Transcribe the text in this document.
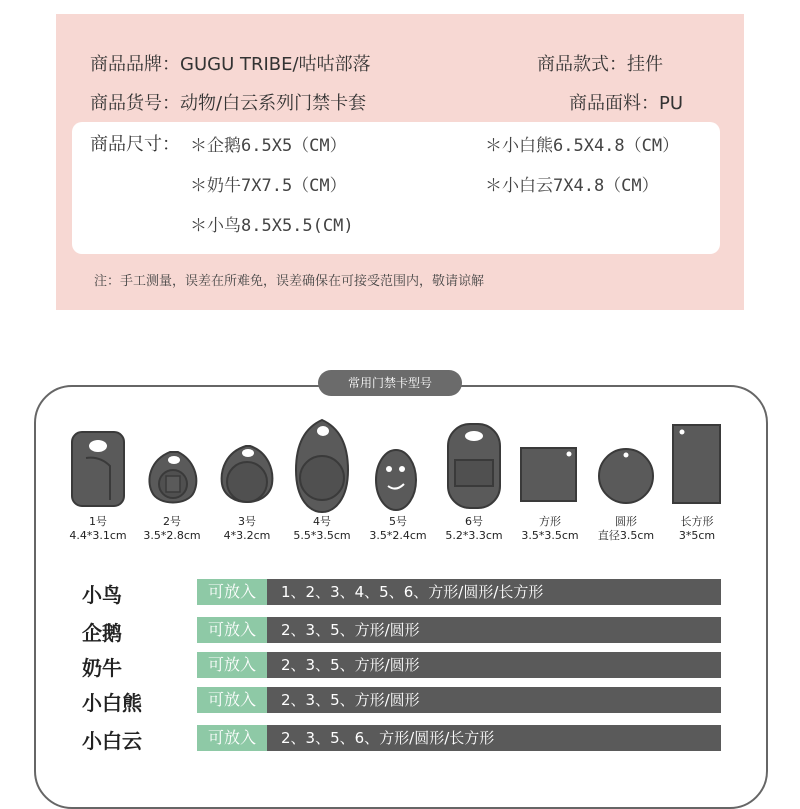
商品品牌：GUGU TRIBE/咕咕部落	商品款式：挂件
商品货号：动物/白云系列门禁卡套	商品面料：PU
商品尺寸： ＊企鹅6.5X5（CM）	＊小白熊6.5X4.8（CM）
＊奶牛7X7.5（CM）	＊小白云7X4.8（CM）
＊小鸟8.5X5.5(CM)
注：手工测量，误差在所难免，误差确保在可接受范围内，敬请谅解
常用门禁卡型号
1号
4.4*3.1cm
2号
3.5*2.8cm
3号
4*3.2cm
4号
5.5*3.5cm
5号
3.5*2.4cm
6号
5.2*3.3cm
方形
3.5*3.5cm
圆形
直径3.5cm
长方形
3*5cm
小鸟	可放入	1、2、3、4、5、6、方形/圆形/长方形
企鹅	可放入	2、3、5、方形/圆形
奶牛	可放入	2、3、5、方形/圆形
小白熊	可放入	2、3、5、方形/圆形
小白云	可放入	2、3、5、6、方形/圆形/长方形
